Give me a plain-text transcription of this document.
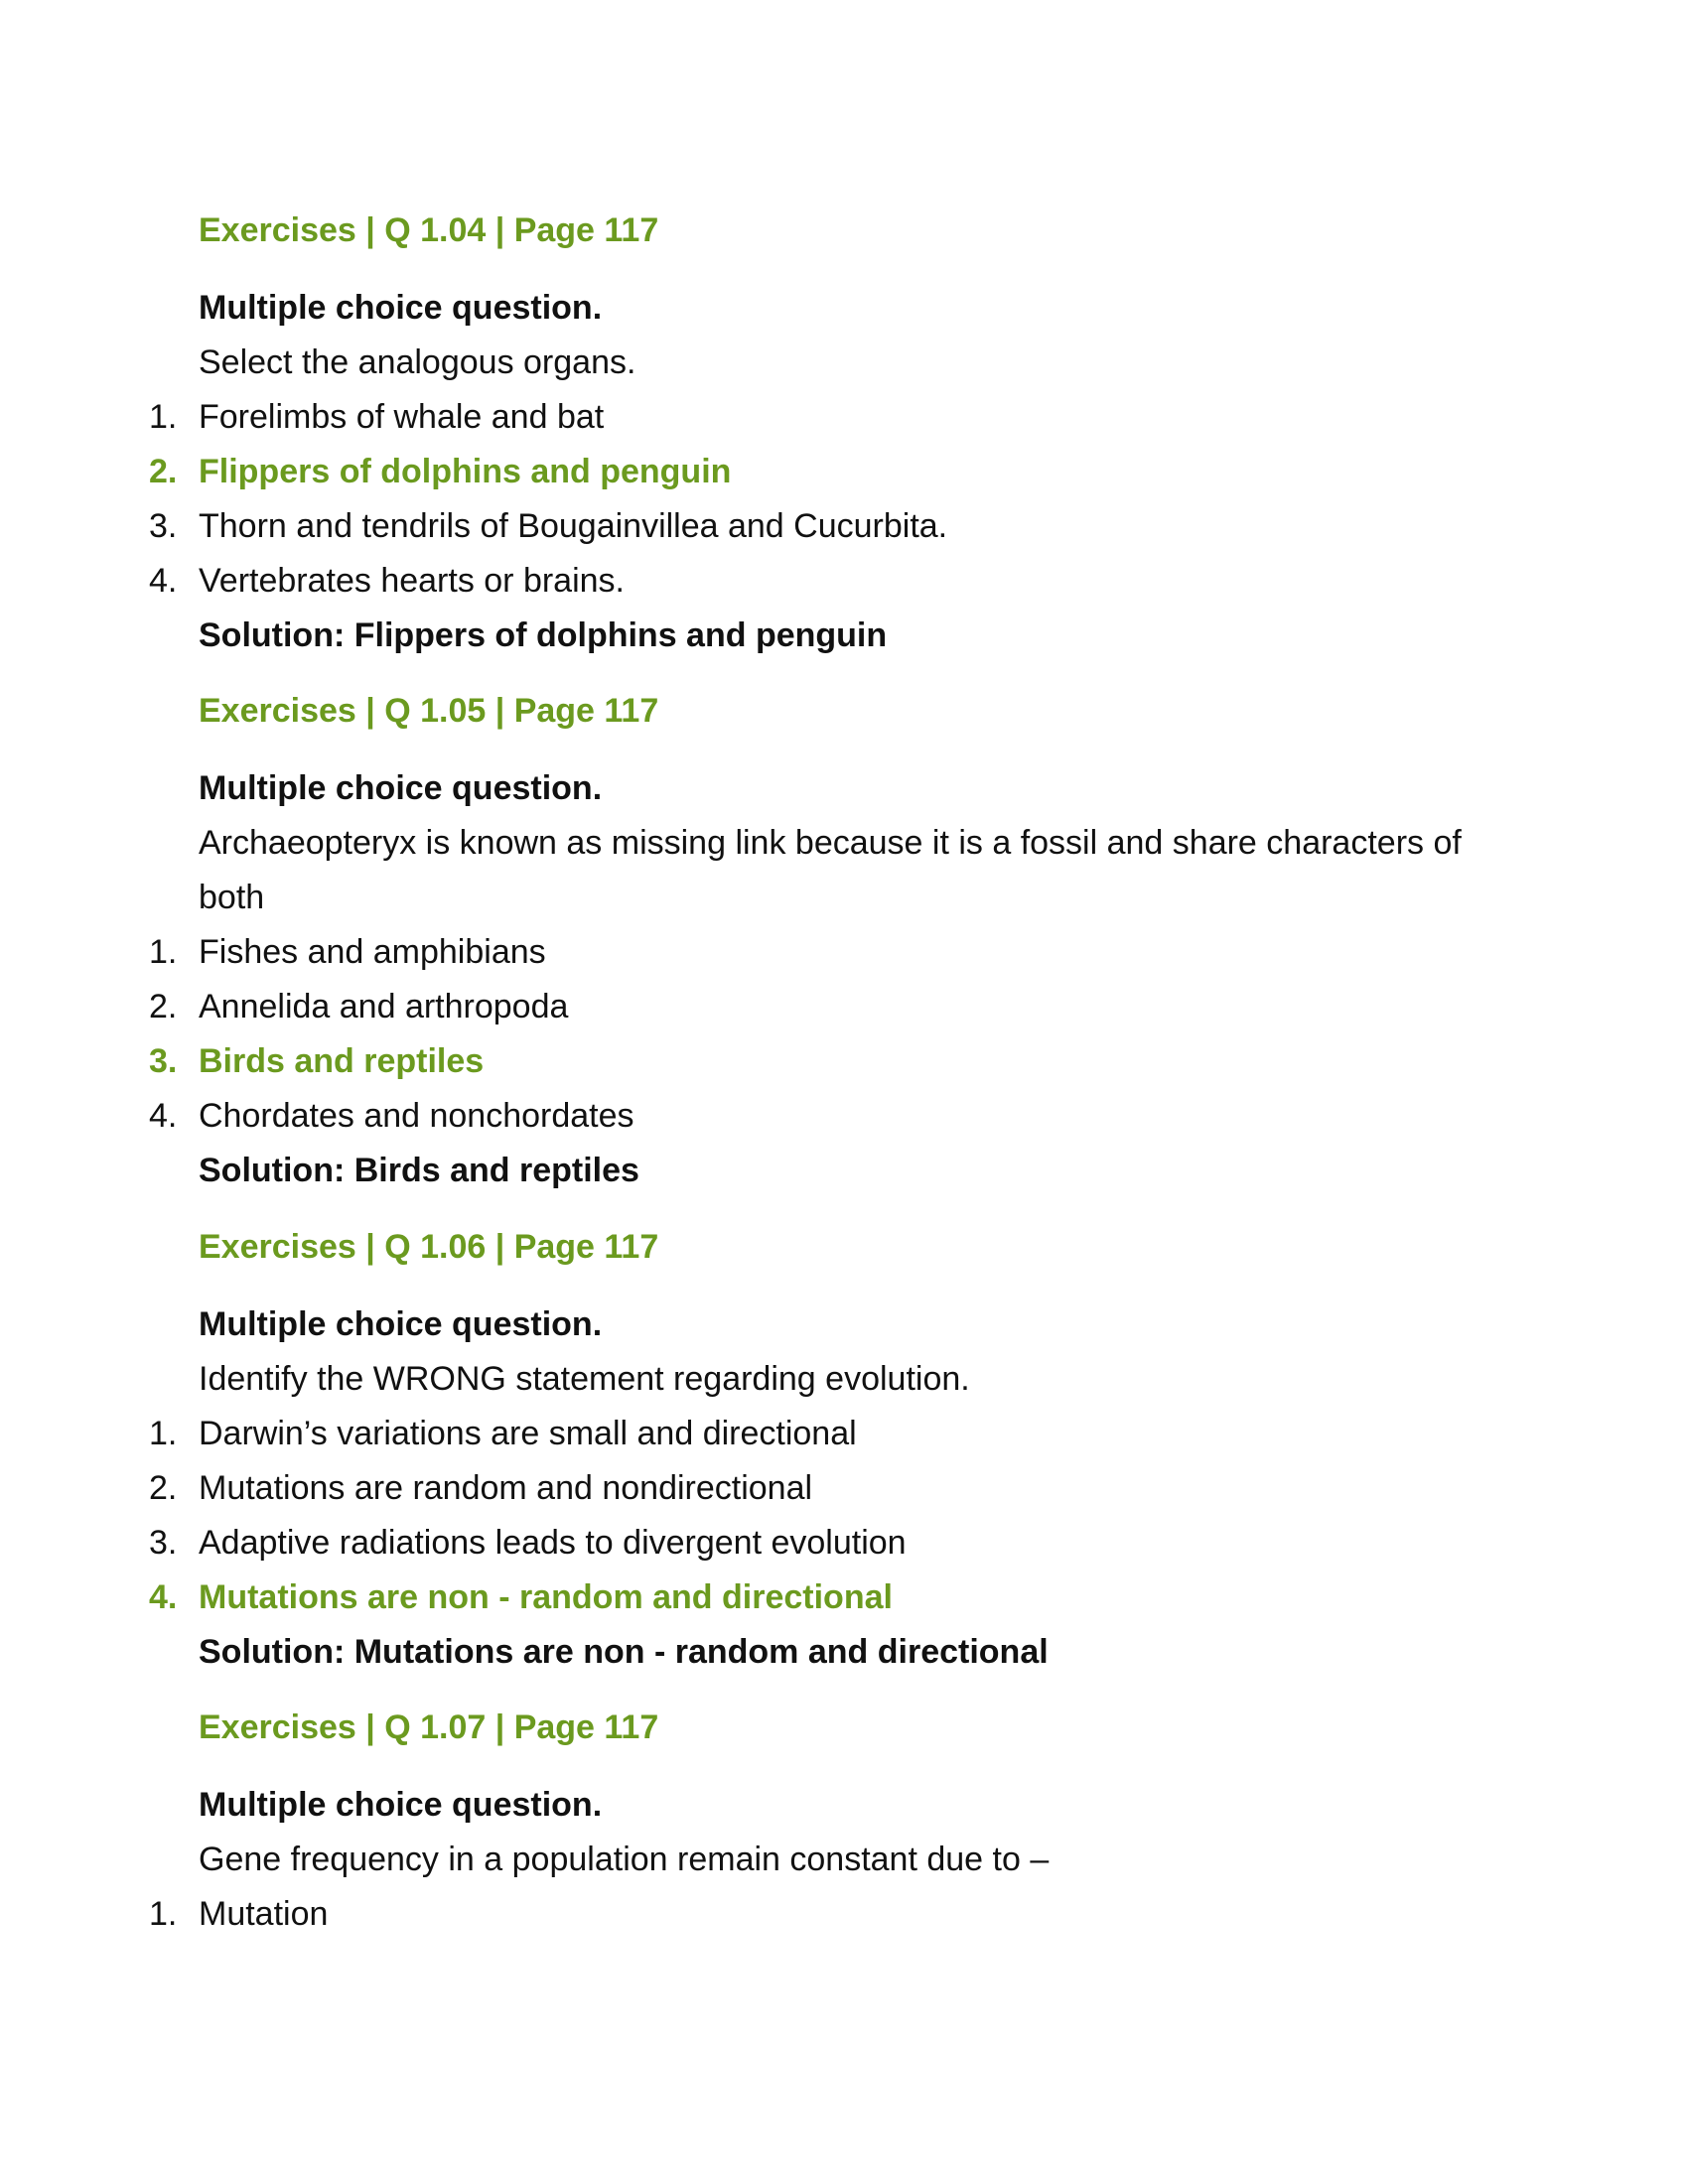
Exercises | Q 1.04 | Page 117
Multiple choice question.
Select the analogous organs.
1. Forelimbs of whale and bat
2. Flippers of dolphins and penguin
3. Thorn and tendrils of Bougainvillea and Cucurbita.
4. Vertebrates hearts or brains.
Solution: Flippers of dolphins and penguin
Exercises | Q 1.05 | Page 117
Multiple choice question.
Archaeopteryx is known as missing link because it is a fossil and share characters of
both
1. Fishes and amphibians
2. Annelida and arthropoda
3. Birds and reptiles
4. Chordates and nonchordates
Solution: Birds and reptiles
Exercises | Q 1.06 | Page 117
Multiple choice question.
Identify the WRONG statement regarding evolution.
1. Darwin’s variations are small and directional
2. Mutations are random and nondirectional
3. Adaptive radiations leads to divergent evolution
4. Mutations are non - random and directional
Solution: Mutations are non - random and directional
Exercises | Q 1.07 | Page 117
Multiple choice question.
Gene frequency in a population remain constant due to –
1. Mutation
